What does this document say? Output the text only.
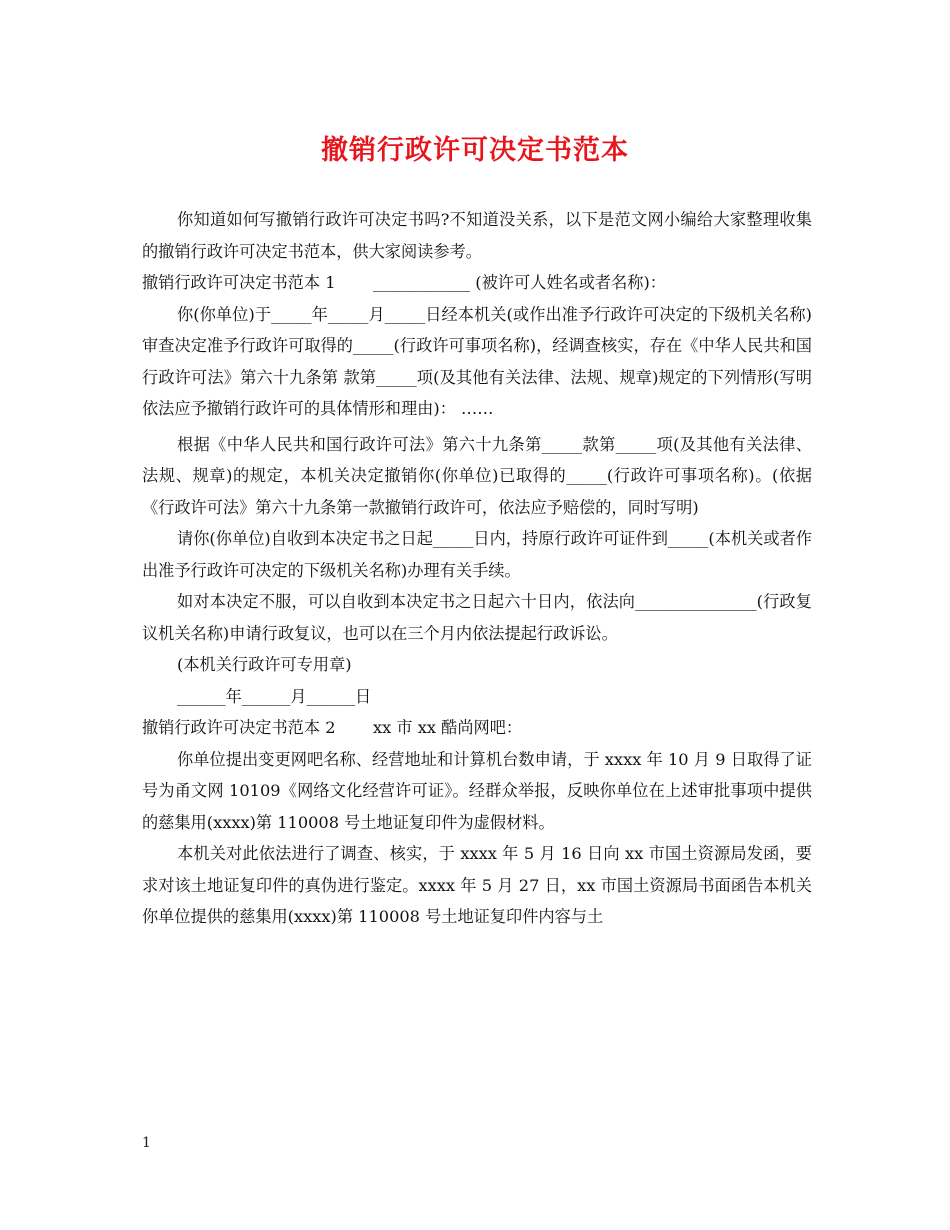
撤销行政许可决定书范本

你知道如何写撤销行政许可决定书吗?不知道没关系，以下是范文网小编给大家整理收集的撤销行政许可决定书范本，供大家阅读参考。

撤销行政许可决定书范本 1　　 ____________ (被许可人姓名或者名称)：

你(你单位)于_____年_____月_____日经本机关(或作出准予行政许可决定的下级机关名称)审查决定准予行政许可取得的_____(行政许可事项名称)，经调查核实，存在《中华人民共和国行政许可法》第六十九条第 款第_____项(及其他有关法律、法规、规章)规定的下列情形(写明依法应予撤销行政许可的具体情形和理由)： ……

根据《中华人民共和国行政许可法》第六十九条第_____款第_____项(及其他有关法律、法规、规章)的规定，本机关决定撤销你(你单位)已取得的_____(行政许可事项名称)。(依据《行政许可法》第六十九条第一款撤销行政许可，依法应予赔偿的，同时写明)

请你(你单位)自收到本决定书之日起_____日内，持原行政许可证件到_____(本机关或者作出准予行政许可决定的下级机关名称)办理有关手续。

如对本决定不服，可以自收到本决定书之日起六十日内，依法向_______________(行政复议机关名称)申请行政复议，也可以在三个月内依法提起行政诉讼。

(本机关行政许可专用章)

______年______月______日

撤销行政许可决定书范本 2　　 xx 市 xx 酷尚网吧：

你单位提出变更网吧名称、经营地址和计算机台数申请，于 xxxx 年 10 月 9 日取得了证号为甬文网 10109《网络文化经营许可证》。经群众举报，反映你单位在上述审批事项中提供的慈集用(xxxx)第 110008 号土地证复印件为虚假材料。

本机关对此依法进行了调查、核实，于 xxxx 年 5 月 16 日向 xx 市国土资源局发函，要求对该土地证复印件的真伪进行鉴定。xxxx 年 5 月 27 日，xx 市国土资源局书面函告本机关你单位提供的慈集用(xxxx)第 110008 号土地证复印件内容与土

1
